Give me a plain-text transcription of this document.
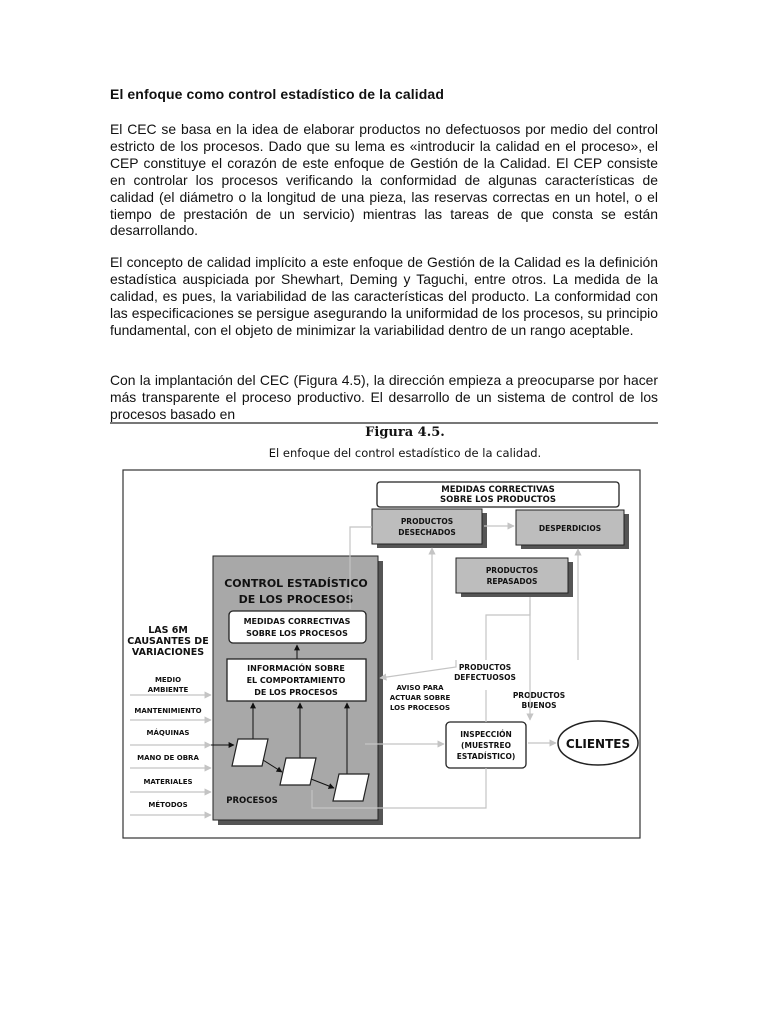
El enfoque como control estadístico de la calidad

El CEC se basa en la idea de elaborar productos no defectuosos por medio del control estricto de los procesos. Dado que su lema es «introducir la calidad en el proceso», el CEP constituye el corazón de este enfoque de Gestión de la Calidad. El CEP consiste en controlar los procesos verificando la conformidad de algunas características de calidad (el diámetro o la longitud de una pieza, las reservas correctas en un hotel, o el tiempo de prestación de un servicio) mientras las tareas de que consta se están desarrollando.

El concepto de calidad implícito a este enfoque de Gestión de la Calidad es la definición estadística auspiciada por Shewhart, Deming y Taguchi, entre otros. La medida de la calidad, es pues, la variabilidad de las características del producto. La conformidad con las especificaciones se persigue asegurando la uniformidad de los procesos, su principio fundamental, con el objeto de minimizar la variabilidad dentro de un rango aceptable.

Con la implantación del CEC (Figura 4.5), la dirección empieza a preocuparse por hacer más transparente el proceso productivo. El desarrollo de un sistema de control de los procesos basado en

Figura 4.5.
El enfoque del control estadístico de la calidad.
MEDIDAS CORRECTIVAS
SOBRE LOS PRODUCTOS
PRODUCTOS
DESECHADOS	DESPERDICIOS
PRODUCTOS
REPASADOS
CONTROL ESTADÍSTICO
DE LOS PROCESOS
MEDIDAS CORRECTIVAS
SOBRE LOS PROCESOS
INFORMACIÓN SOBRE
EL COMPORTAMIENTO
DE LOS PROCESOS
PROCESOS
LAS 6M
CAUSANTES DE
VARIACIONES
MEDIO
AMBIENTE
MANTENIMIENTO
MÁQUINAS
MANO DE OBRA
MATERIALES
MÉTODOS
INSPECCIÓN
(MUESTREO
ESTADÍSTICO)
CLIENTES
PRODUCTOS
DEFECTUOSOS
AVISO PARA
ACTUAR SOBRE
LOS PROCESOS
PRODUCTOS
BUENOS
